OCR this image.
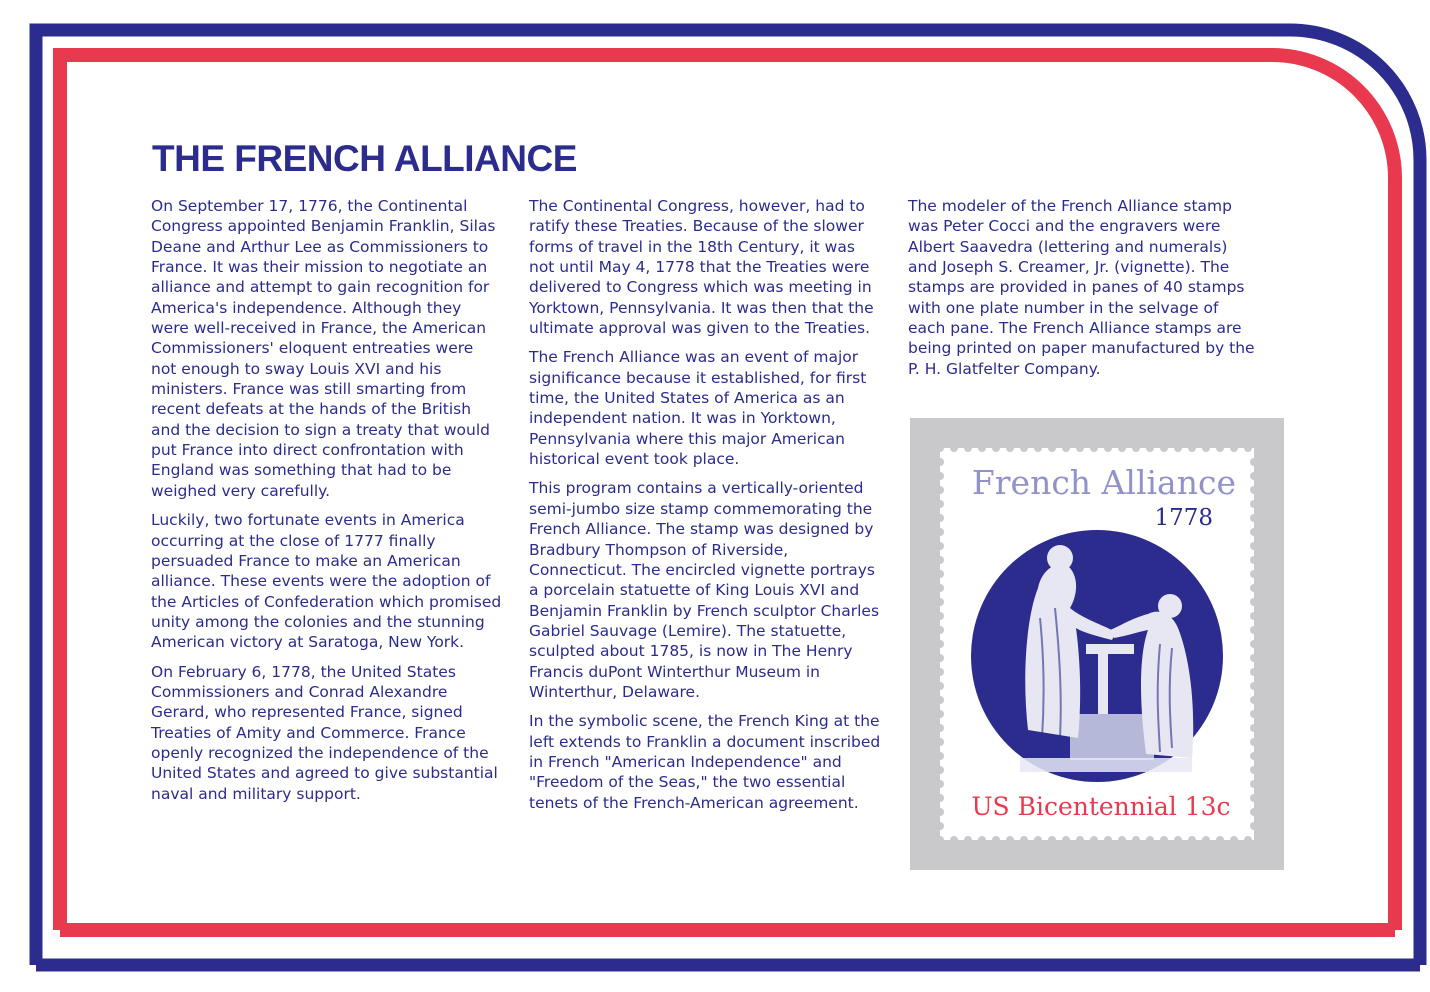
THE FRENCH ALLIANCE

On September 17, 1776, the Continental Congress appointed Benjamin Franklin, Silas Deane and Arthur Lee as Commissioners to France. It was their mission to negotiate an alliance and attempt to gain recognition for America's independence. Although they were well-received in France, the American Commissioners' eloquent entreaties were not enough to sway Louis XVI and his ministers. France was still smarting from recent defeats at the hands of the British and the decision to sign a treaty that would put France into direct confrontation with England was something that had to be weighed very carefully.

Luckily, two fortunate events in America occurring at the close of 1777 finally persuaded France to make an American alliance. These events were the adoption of the Articles of Confederation which promised unity among the colonies and the stunning American victory at Saratoga, New York.

On February 6, 1778, the United States Commissioners and Conrad Alexandre Gerard, who represented France, signed Treaties of Amity and Commerce. France openly recognized the independence of the United States and agreed to give substantial naval and military support.

The Continental Congress, however, had to ratify these Treaties. Because of the slower forms of travel in the 18th Century, it was not until May 4, 1778 that the Treaties were delivered to Congress which was meeting in Yorktown, Pennsylvania. It was then that the ultimate approval was given to the Treaties.

The French Alliance was an event of major significance because it established, for first time, the United States of America as an independent nation. It was in Yorktown, Pennsylvania where this major American historical event took place.

This program contains a vertically-oriented semi-jumbo size stamp commemorating the French Alliance. The stamp was designed by Bradbury Thompson of Riverside, Connecticut. The encircled vignette portrays a porcelain statuette of King Louis XVI and Benjamin Franklin by French sculptor Charles Gabriel Sauvage (Lemire). The statuette, sculpted about 1785, is now in The Henry Francis duPont Winterthur Museum in Winterthur, Delaware.

In the symbolic scene, the French King at the left extends to Franklin a document inscribed in French "American Independence" and "Freedom of the Seas," the two essential tenets of the French-American agreement.

The modeler of the French Alliance stamp was Peter Cocci and the engravers were Albert Saavedra (lettering and numerals) and Joseph S. Creamer, Jr. (vignette). The stamps are provided in panes of 40 stamps with one plate number in the selvage of each pane. The French Alliance stamps are being printed on paper manufactured by the P. H. Glatfelter Company.

French Alliance
1778
US Bicentennial 13c
